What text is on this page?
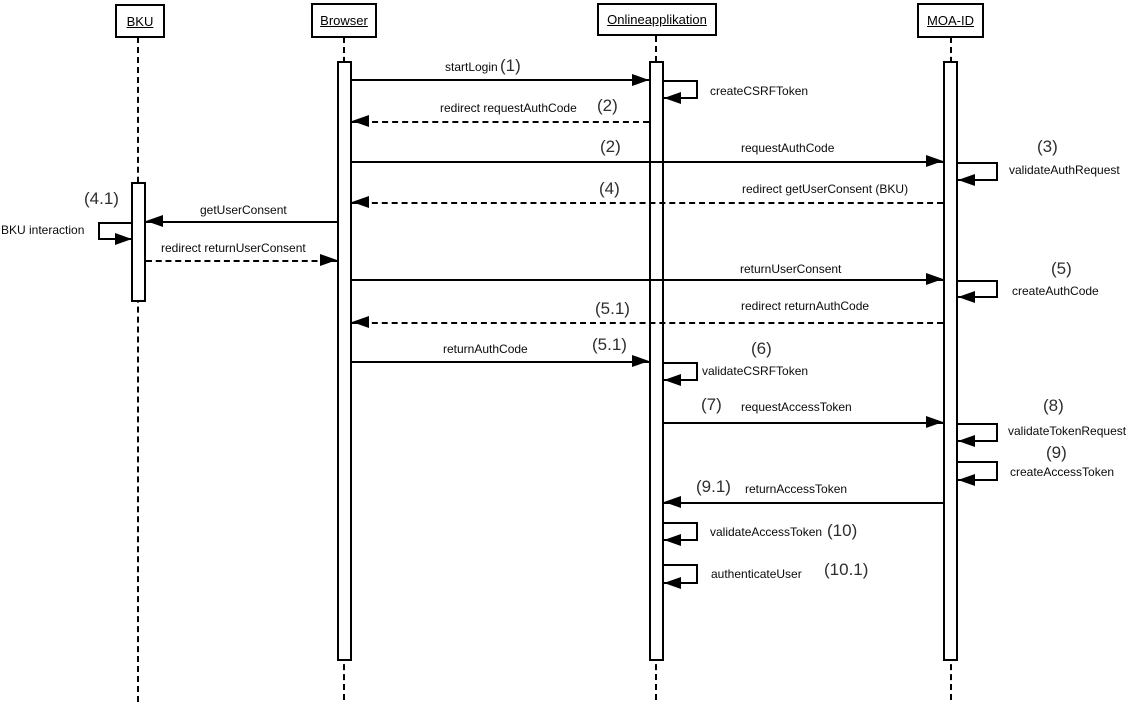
BKU	Browser	Onlineapplikation	MOA-ID
startLogin (1)
createCSRFToken
redirect requestAuthCode (2)
(2)	requestAuthCode	(3)
validateAuthRequest
(4)	redirect getUserConsent (BKU)
getUserConsent
(4.1)
BKU interaction
redirect returnUserConsent
returnUserConsent	(5)
createAuthCode
(5.1)	redirect returnAuthCode
returnAuthCode	(5.1)	(6)
validateCSRFToken
(7) requestAccessToken	(8)
validateTokenRequest
(9)
createAccessToken
(9.1) returnAccessToken
validateAccessToken (10)
authenticateUser (10.1)
